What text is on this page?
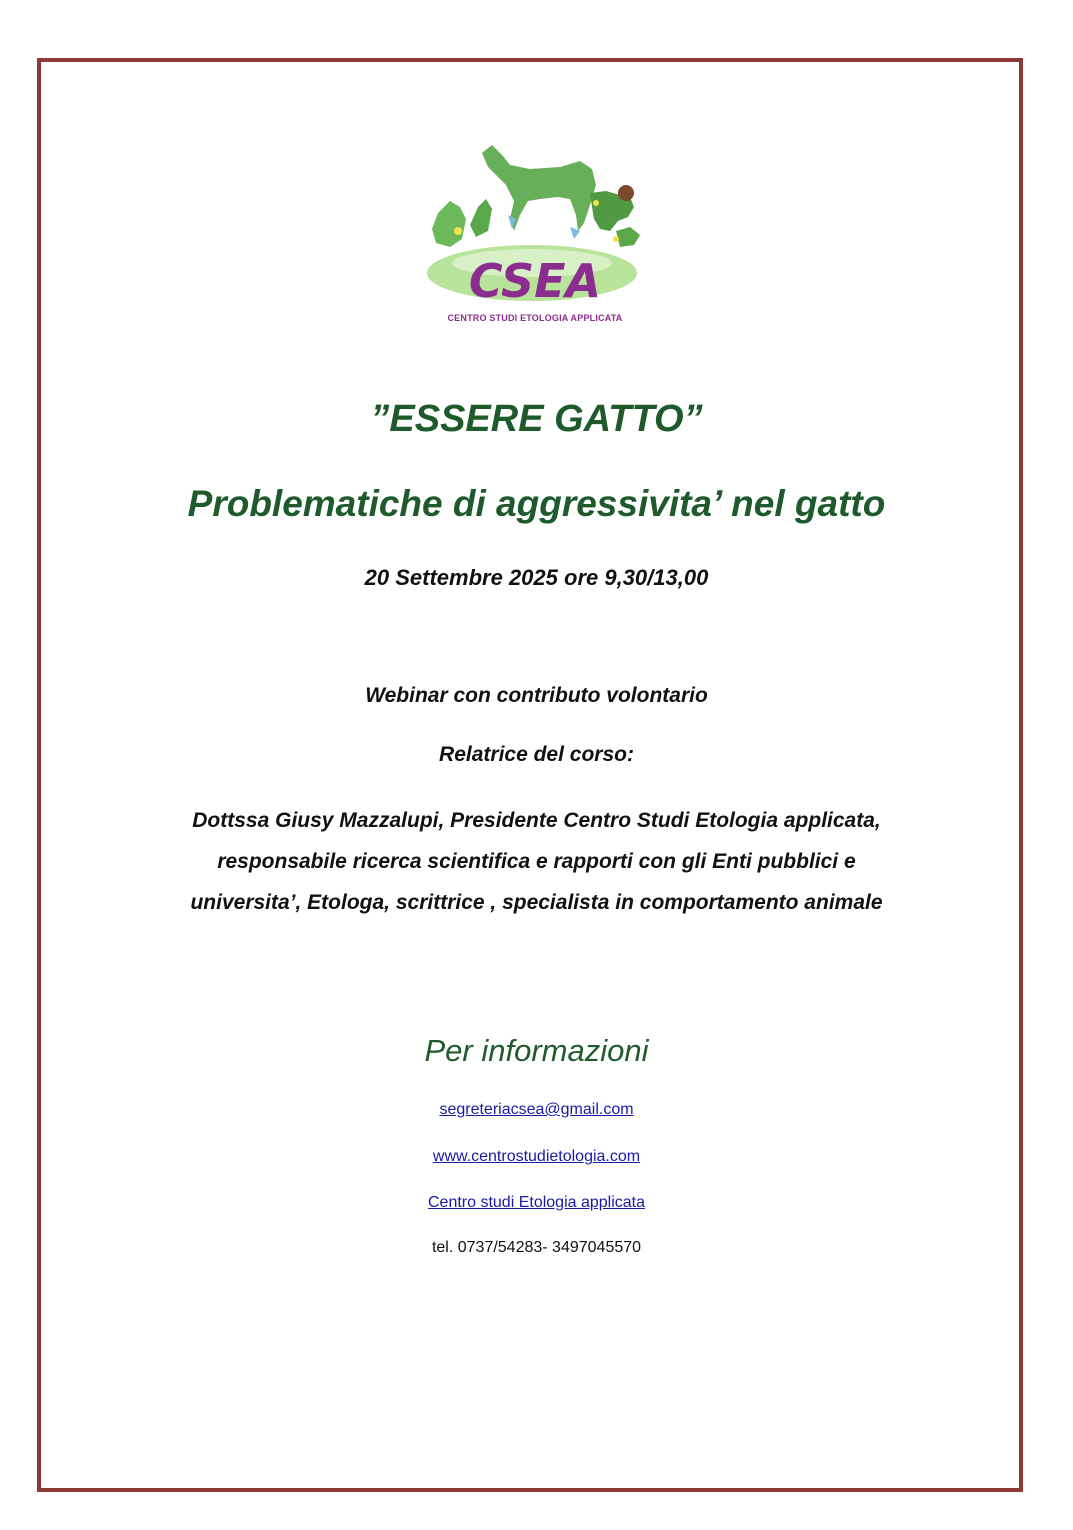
CSEA
CENTRO STUDI ETOLOGIA APPLICATA
”ESSERE GATTO”
Problematiche di aggressivita’ nel gatto
20 Settembre 2025 ore 9,30/13,00
Webinar con contributo volontario
Relatrice del corso:
Dottssa Giusy Mazzalupi, Presidente Centro Studi Etologia applicata,
responsabile ricerca scientifica e rapporti con gli Enti pubblici e
universita’, Etologa, scrittrice , specialista in comportamento animale
Per informazioni
segreteriacsea@gmail.com
www.centrostudietologia.com
Centro studi Etologia applicata
tel. 0737/54283- 3497045570
